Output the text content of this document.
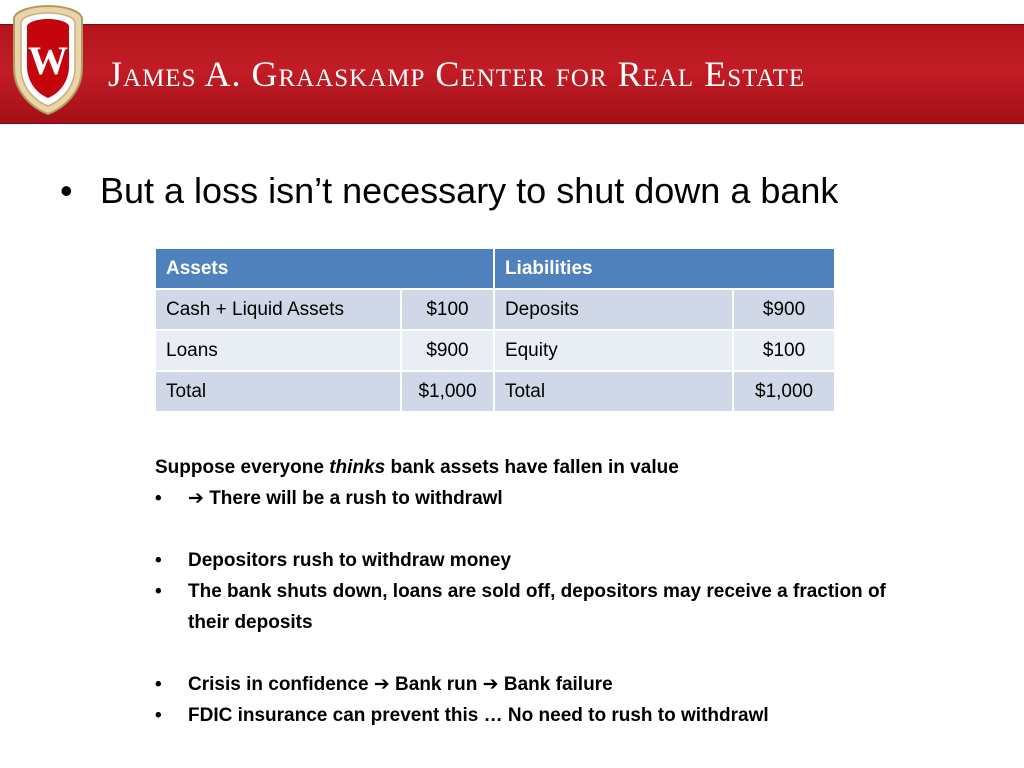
James A. Graaskamp Center for Real Estate
W
• But a loss isn’t necessary to shut down a bank
Assets		Liabilities	
Cash + Liquid Assets	$100	Deposits	$900
Loans	$900	Equity	$100
Total	$1,000	Total	$1,000
Suppose everyone thinks bank assets have fallen in value
•	➔ There will be a rush to withdrawl
•	Depositors rush to withdraw money
•	The bank shuts down, loans are sold off, depositors may receive a fraction of their deposits
•	Crisis in confidence ➔ Bank run ➔ Bank failure
•	FDIC insurance can prevent this … No need to rush to withdrawl
